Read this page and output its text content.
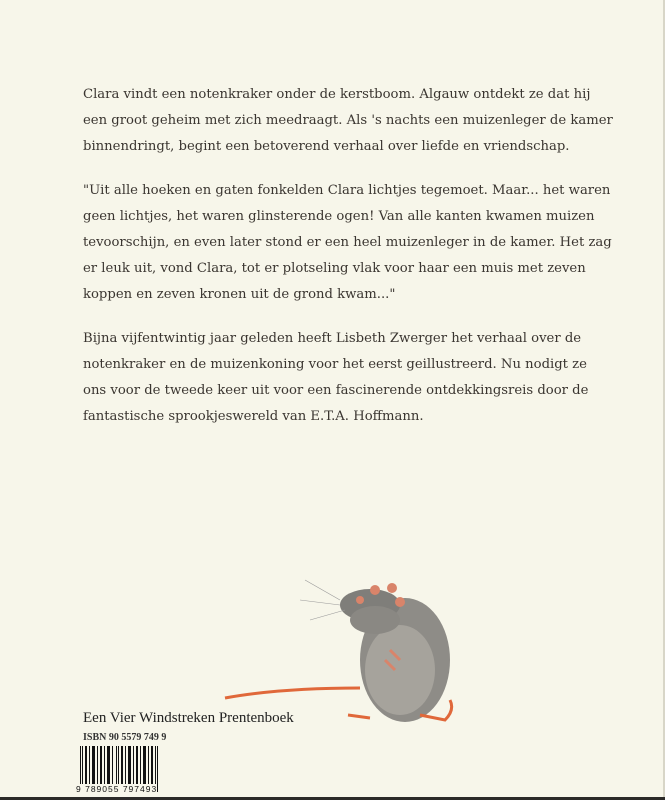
Clara vindt een notenkraker onder de kerstboom. Algauw ontdekt ze dat hij
een groot geheim met zich meedraagt. Als 's nachts een muizenleger de kamer
binnendringt, begint een betoverend verhaal over liefde en vriendschap.
"Uit alle hoeken en gaten fonkelden Clara lichtjes tegemoet. Maar... het waren
geen lichtjes, het waren glinsterende ogen! Van alle kanten kwamen muizen
tevoorschijn, en even later stond er een heel muizenleger in de kamer. Het zag
er leuk uit, vond Clara, tot er plotseling vlak voor haar een muis met zeven
koppen en zeven kronen uit de grond kwam..."
Bijna vijfentwintig jaar geleden heeft Lisbeth Zwerger het verhaal over de
notenkraker en de muizenkoning voor het eerst geillustreerd. Nu nodigt ze
ons voor de tweede keer uit voor een fascinerende ontdekkingsreis door de
fantastische sprookjeswereld van E.T.A. Hoffmann.
Een Vier Windstreken Prentenboek
ISBN 90 5579 749 9
9 789055 797493
